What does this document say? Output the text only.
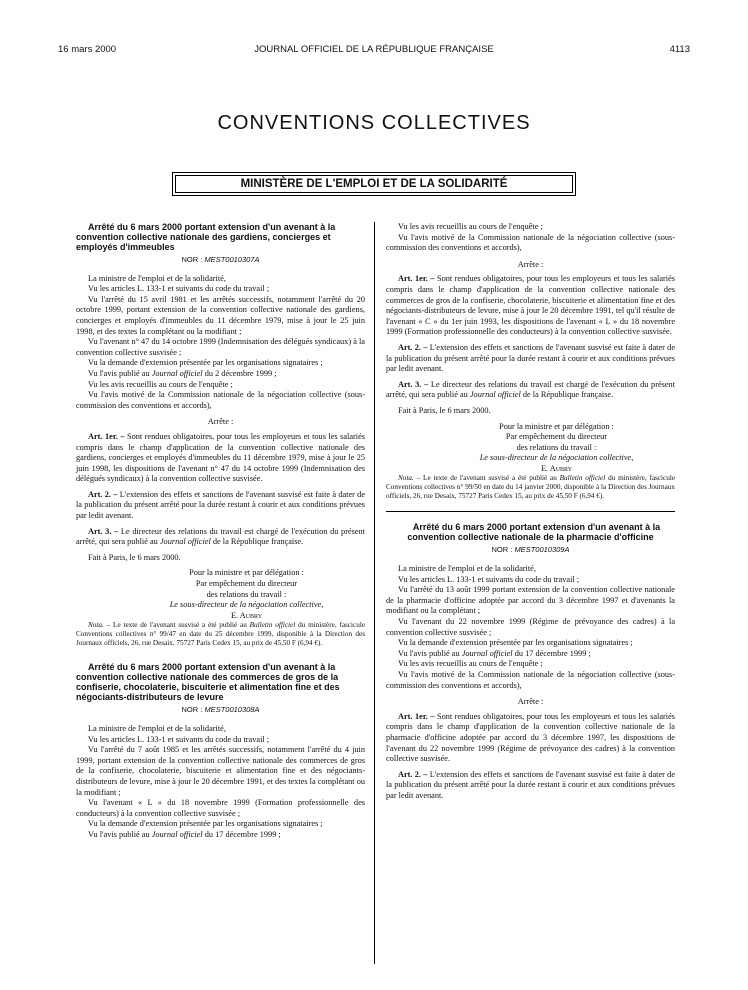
16 mars 2000	JOURNAL OFFICIEL DE LA RÉPUBLIQUE FRANÇAISE	4113
CONVENTIONS COLLECTIVES
MINISTÈRE DE L'EMPLOI ET DE LA SOLIDARITÉ

Arrêté du 6 mars 2000 portant extension d'un avenant à la convention collective nationale des gardiens, concierges et employés d'immeubles

NOR : MEST0010307A

La ministre de l'emploi et de la solidarité,

Vu les articles L. 133-1 et suivants du code du travail ;

Vu l'arrêté du 15 avril 1981 et les arrêtés successifs, notamment l'arrêté du 20 octobre 1999, portant extension de la convention collective nationale des gardiens, concierges et employés d'immeubles du 11 décembre 1979, mise à jour le 25 juin 1998, et des textes la complétant ou la modifiant ;

Vu l'avenant n° 47 du 14 octobre 1999 (Indemnisation des délégués syndicaux) à la convention collective susvisée ;

Vu la demande d'extension présentée par les organisations signataires ;

Vu l'avis publié au Journal officiel du 2 décembre 1999 ;

Vu les avis recueillis au cours de l'enquête ;

Vu l'avis motivé de la Commission nationale de la négociation collective (sous-commission des conventions et accords),

Arrête :

Art. 1er. – Sont rendues obligatoires, pour tous les employeurs et tous les salariés compris dans le champ d'application de la convention collective nationale des gardiens, concierges et employés d'immeubles du 11 décembre 1979, mise à jour le 25 juin 1998, les dispositions de l'avenant n° 47 du 14 octobre 1999 (Indemnisation des délégués syndicaux) à la convention collective susvisée.

Art. 2. – L'extension des effets et sanctions de l'avenant susvisé est faite à dater de la publication du présent arrêté pour la durée restant à courir et aux conditions prévues par ledit avenant.

Art. 3. – Le directeur des relations du travail est chargé de l'exécution du présent arrêté, qui sera publié au Journal officiel de la République française.

Fait à Paris, le 6 mars 2000.

Pour la ministre et par délégation :

Par empêchement du directeur

des relations du travail :

Le sous-directeur de la négociation collective,

E. Aubry

Nota. – Le texte de l'avenant susvisé a été publié au Bulletin officiel du ministère, fascicule Conventions collectives n° 99/47 en date du 25 décembre 1999, disponible à la Direction des Journaux officiels, 26, rue Desaix, 75727 Paris Cedex 15, au prix de 45,50 F (6,94 €).

Arrêté du 6 mars 2000 portant extension d'un avenant à la convention collective nationale des commerces de gros de la confiserie, chocolaterie, biscuiterie et alimentation fine et des négociants-distributeurs de levure

NOR : MEST0010308A

La ministre de l'emploi et de la solidarité,

Vu les articles L. 133-1 et suivants du code du travail ;

Vu l'arrêté du 7 août 1985 et les arrêtés successifs, notamment l'arrêté du 4 juin 1999, portant extension de la convention collective nationale des commerces de gros de la confiserie, chocolaterie, biscuiterie et alimentation fine et des négociants-distributeurs de levure, mise à jour le 20 décembre 1991, et des textes la complétant ou la modifiant ;

Vu l'avenant « L » du 18 novembre 1999 (Formation professionnelle des conducteurs) à la convention collective susvisée ;

Vu la demande d'extension présentée par les organisations signataires ;

Vu l'avis publié au Journal officiel du 17 décembre 1999 ;

Vu les avis recueillis au cours de l'enquête ;

Vu l'avis motivé de la Commission nationale de la négociation collective (sous-commission des conventions et accords),

Arrête :

Art. 1er. – Sont rendues obligatoires, pour tous les employeurs et tous les salariés compris dans le champ d'application de la convention collective nationale des commerces de gros de la confiserie, chocolaterie, biscuiterie et alimentation fine et des négociants-distributeurs de levure, mise à jour le 20 décembre 1991, tel qu'il résulte de l'avenant « C » du 1er juin 1993, les dispositions de l'avenant « L » du 18 novembre 1999 (Formation professionnelle des conducteurs) à la convention collective susvisée.

Art. 2. – L'extension des effets et sanctions de l'avenant susvisé est faite à dater de la publication du présent arrêté pour la durée restant à courir et aux conditions prévues par ledit avenant.

Art. 3. – Le directeur des relations du travail est chargé de l'exécution du présent arrêté, qui sera publié au Journal officiel de la République française.

Fait à Paris, le 6 mars 2000.

Pour la ministre et par délégation :

Par empêchement du directeur

des relations du travail :

Le sous-directeur de la négociation collective,

E. Aubry

Nota. – Le texte de l'avenant susvisé a été publié au Bulletin officiel du ministère, fascicule Conventions collectives n° 99/50 en date du 14 janvier 2000, disponible à la Direction des Journaux officiels, 26, rue Desaix, 75727 Paris Cedex 15, au prix de 45,50 F (6,94 €).

Arrêté du 6 mars 2000 portant extension d'un avenant à la convention collective nationale de la pharmacie d'officine

NOR : MEST0010309A

La ministre de l'emploi et de la solidarité,

Vu les articles L. 133-1 et suivants du code du travail ;

Vu l'arrêté du 13 août 1999 portant extension de la convention collective nationale de la pharmacie d'officine adoptée par accord du 3 décembre 1997 et d'avenants la modifiant ou la complétant ;

Vu l'avenant du 22 novembre 1999 (Régime de prévoyance des cadres) à la convention collective susvisée ;

Vu la demande d'extension présentée par les organisations signataires ;

Vu l'avis publié au Journal officiel du 17 décembre 1999 ;

Vu les avis recueillis au cours de l'enquête ;

Vu l'avis motivé de la Commission nationale de la négociation collective (sous-commission des conventions et accords),

Arrête :

Art. 1er. – Sont rendues obligatoires, pour tous les employeurs et tous les salariés compris dans le champ d'application de la convention collective nationale de la pharmacie d'officine adoptée par accord du 3 décembre 1997, les dispositions de l'avenant du 22 novembre 1999 (Régime de prévoyance des cadres) à la convention collective susvisée.

Art. 2. – L'extension des effets et sanctions de l'avenant susvisé est faite à dater de la publication du présent arrêté pour la durée restant à courir et aux conditions prévues par ledit avenant.
